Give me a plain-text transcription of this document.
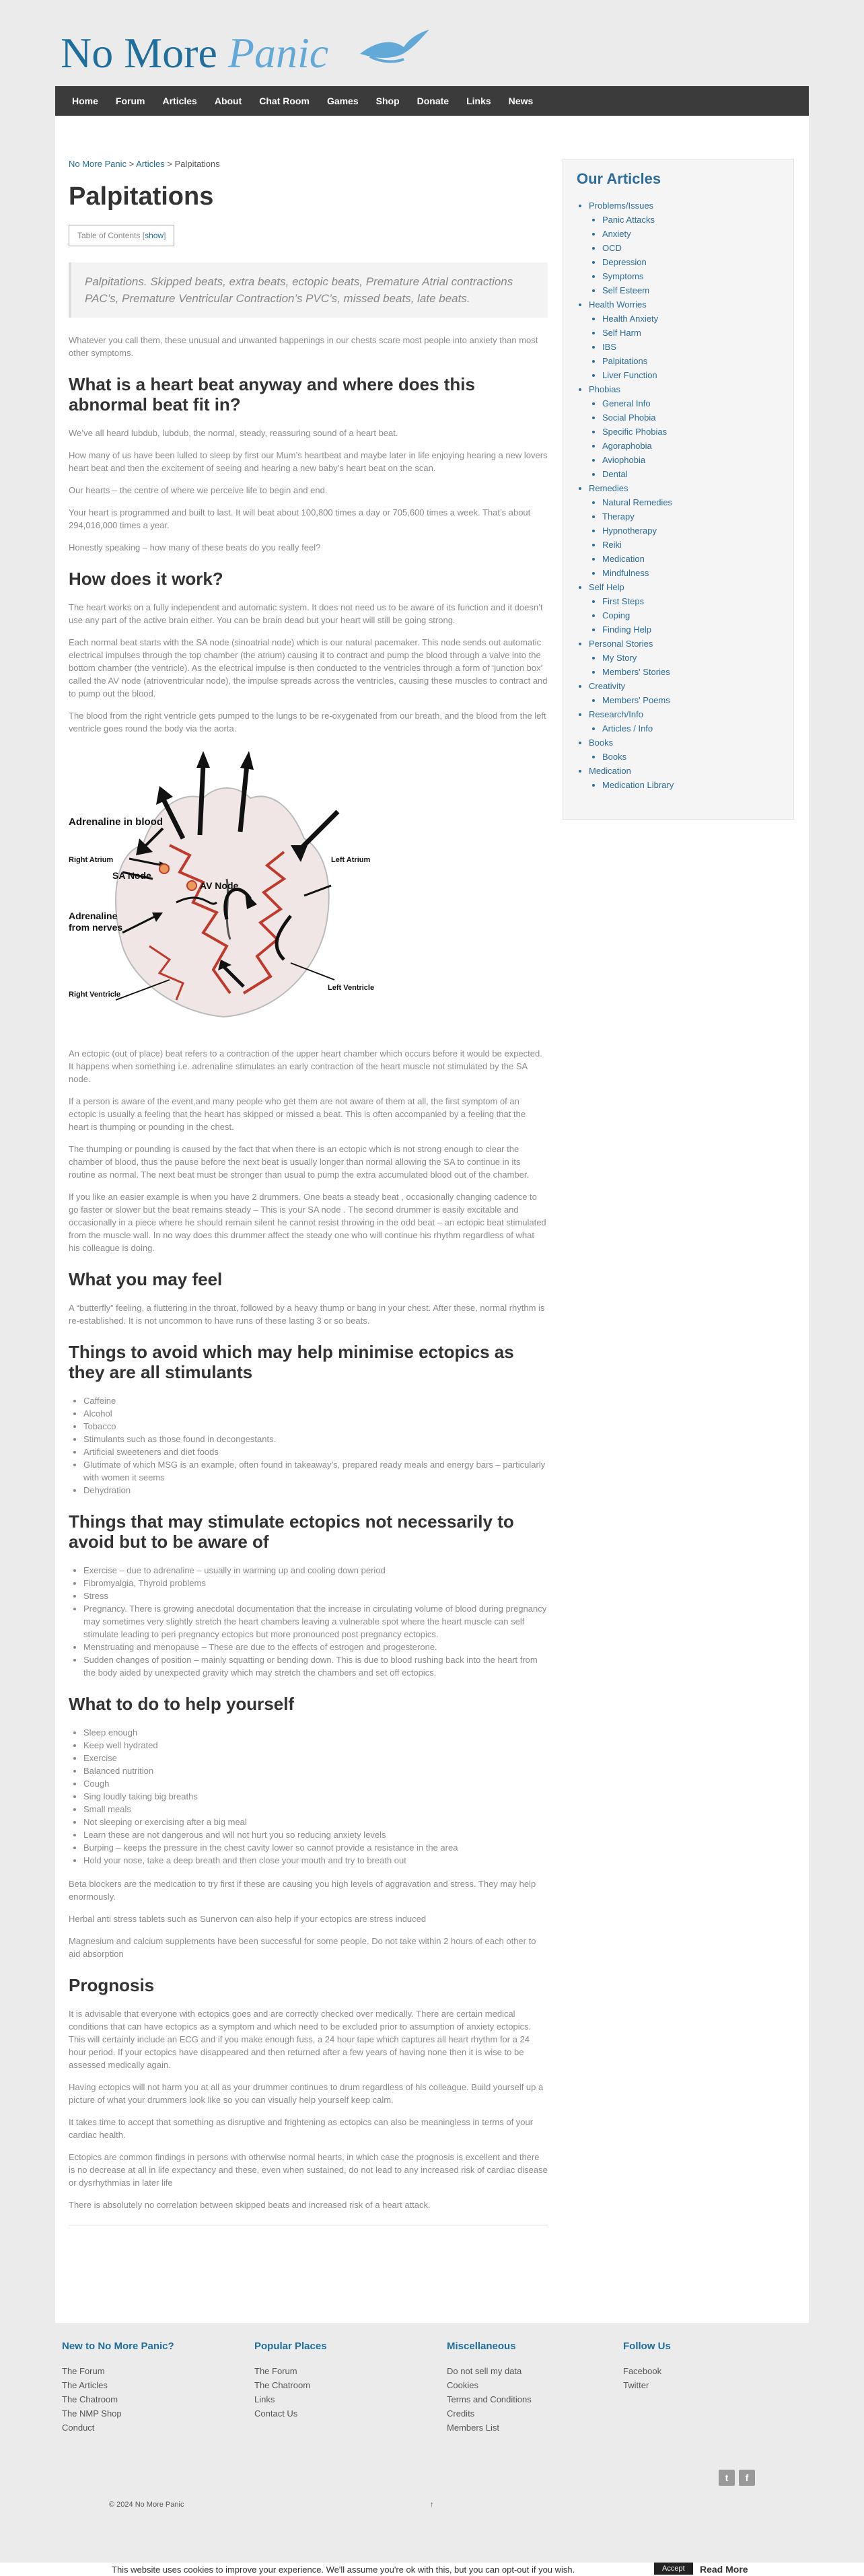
No More Panic
Home	Forum	Articles	About	Chat Room	Games	Shop	Donate	Links	News
No More Panic > Articles > Palpitations
Palpitations
Table of Contents [show]
Palpitations. Skipped beats, extra beats, ectopic beats, Premature Atrial contractions PAC’s, Premature Ventricular Contraction’s PVC’s, missed beats, late beats.

Whatever you call them, these unusual and unwanted happenings in our chests scare most people into anxiety than most other symptoms.

What is a heart beat anyway and where does this abnormal beat fit in?

We’ve all heard lubdub, lubdub, the normal, steady, reassuring sound of a heart beat.

How many of us have been lulled to sleep by first our Mum’s heartbeat and maybe later in life enjoying hearing a new lovers heart beat and then the excitement of seeing and hearing a new baby’s heart beat on the scan.

Our hearts – the centre of where we perceive life to begin and end.

Your heart is programmed and built to last. It will beat about 100,800 times a day or 705,600 times a week. That’s about 294,016,000 times a year.

Honestly speaking – how many of these beats do you really feel?

How does it work?

The heart works on a fully independent and automatic system. It does not need us to be aware of its function and it doesn’t use any part of the active brain either. You can be brain dead but your heart will still be going strong.

Each normal beat starts with the SA node (sinoatrial node) which is our natural pacemaker. This node sends out automatic electrical impulses through the top chamber (the atrium) causing it to contract and pump the blood through a valve into the bottom chamber (the ventricle). As the electrical impulse is then conducted to the ventricles through a form of ‘junction box’ called the AV node (atrioventricular node), the impulse spreads across the ventricles, causing these muscles to contract and to pump out the blood.

The blood from the right ventricle gets pumped to the lungs to be re-oxygenated from our breath, and the blood from the left ventricle goes round the body via the aorta.

Adrenaline in blood
Right Atrium
SA Node
AV Node
Left Atrium
Adrenaline
from nerves
Right Ventricle
Left Ventricle

An ectopic (out of place) beat refers to a contraction of the upper heart chamber which occurs before it would be expected. It happens when something i.e. adrenaline stimulates an early contraction of the heart muscle not stimulated by the SA node.

If a person is aware of the event,and many people who get them are not aware of them at all, the first symptom of an ectopic is usually a feeling that the heart has skipped or missed a beat. This is often accompanied by a feeling that the heart is thumping or pounding in the chest.

The thumping or pounding is caused by the fact that when there is an ectopic which is not strong enough to clear the chamber of blood, thus the pause before the next beat is usually longer than normal allowing the SA to continue in its routine as normal. The next beat must be stronger than usual to pump the extra accumulated blood out of the chamber.

If you like an easier example is when you have 2 drummers. One beats a steady beat , occasionally changing cadence to go faster or slower but the beat remains steady – This is your SA node . The second drummer is easily excitable and occasionally in a piece where he should remain silent he cannot resist throwing in the odd beat – an ectopic beat stimulated from the muscle wall. In no way does this drummer affect the steady one who will continue his rhythm regardless of what his colleague is doing.

What you may feel

A “butterfly” feeling, a fluttering in the throat, followed by a heavy thump or bang in your chest. After these, normal rhythm is re-established. It is not uncommon to have runs of these lasting 3 or so beats.

Things to avoid which may help minimise ectopics as they are all stimulants
• Caffeine
• Alcohol
• Tobacco
• Stimulants such as those found in decongestants.
• Artificial sweeteners and diet foods
• Glutimate of which MSG is an example, often found in takeaway’s, prepared ready meals and energy bars – particularly with women it seems
• Dehydration
Things that may stimulate ectopics not necessarily to avoid but to be aware of
• Exercise – due to adrenaline – usually in warming up and cooling down period
• Fibromyalgia, Thyroid problems
• Stress
• Pregnancy. There is growing anecdotal documentation that the increase in circulating volume of blood during pregnancy may sometimes very slightly stretch the heart chambers leaving a vulnerable spot where the heart muscle can self stimulate leading to peri pregnancy ectopics but more pronounced post pregnancy ectopics.
• Menstruating and menopause – These are due to the effects of estrogen and progesterone.
• Sudden changes of position – mainly squatting or bending down. This is due to blood rushing back into the heart from the body aided by unexpected gravity which may stretch the chambers and set off ectopics.
What to do to help yourself
• Sleep enough
• Keep well hydrated
• Exercise
• Balanced nutrition
• Cough
• Sing loudly taking big breaths
• Small meals
• Not sleeping or exercising after a big meal
• Learn these are not dangerous and will not hurt you so reducing anxiety levels
• Burping – keeps the pressure in the chest cavity lower so cannot provide a resistance in the area
• Hold your nose, take a deep breath and then close your mouth and try to breath out

Beta blockers are the medication to try first if these are causing you high levels of aggravation and stress. They may help enormously.

Herbal anti stress tablets such as Sunervon can also help if your ectopics are stress induced

Magnesium and calcium supplements have been successful for some people. Do not take within 2 hours of each other to aid absorption

Prognosis

It is advisable that everyone with ectopics goes and are correctly checked over medically. There are certain medical conditions that can have ectopics as a symptom and which need to be excluded prior to assumption of anxiety ectopics. This will certainly include an ECG and if you make enough fuss, a 24 hour tape which captures all heart rhythm for a 24 hour period. If your ectopics have disappeared and then returned after a few years of having none then it is wise to be assessed medically again.

Having ectopics will not harm you at all as your drummer continues to drum regardless of his colleague. Build yourself up a picture of what your drummers look like so you can visually help yourself keep calm.

It takes time to accept that something as disruptive and frightening as ectopics can also be meaningless in terms of your cardiac health.

Ectopics are common findings in persons with otherwise normal hearts, in which case the prognosis is excellent and there is no decrease at all in life expectancy and these, even when sustained, do not lead to any increased risk of cardiac disease or dysrhythmias in later life

There is absolutely no correlation between skipped beats and increased risk of a heart attack.

Our Articles
• Problems/Issues
• Panic Attacks
• Anxiety
• OCD
• Depression
• Symptoms
• Self Esteem
• Health Worries
• Health Anxiety
• Self Harm
• IBS
• Palpitations
• Liver Function
• Phobias
• General Info
• Social Phobia
• Specific Phobias
• Agoraphobia
• Aviophobia
• Dental
• Remedies
• Natural Remedies
• Therapy
• Hypnotherapy
• Reiki
• Medication
• Mindfulness
• Self Help
• First Steps
• Coping
• Finding Help
• Personal Stories
• My Story
• Members' Stories
• Creativity
• Members' Poems
• Research/Info
• Articles / Info
• Books
• Books
• Medication
• Medication Library
New to No More Panic?
The Forum
The Articles
The Chatroom
The NMP Shop
Conduct
Popular Places
The Forum
The Chatroom
Links
Contact Us
Miscellaneous
Do not sell my data
Cookies
Terms and Conditions
Credits
Members List
Follow Us
Facebook
Twitter
t	f
© 2024 No More Panic	↑
This website uses cookies to improve your experience. We'll assume you're ok with this, but you can opt-out if you wish.	Accept	Read More
